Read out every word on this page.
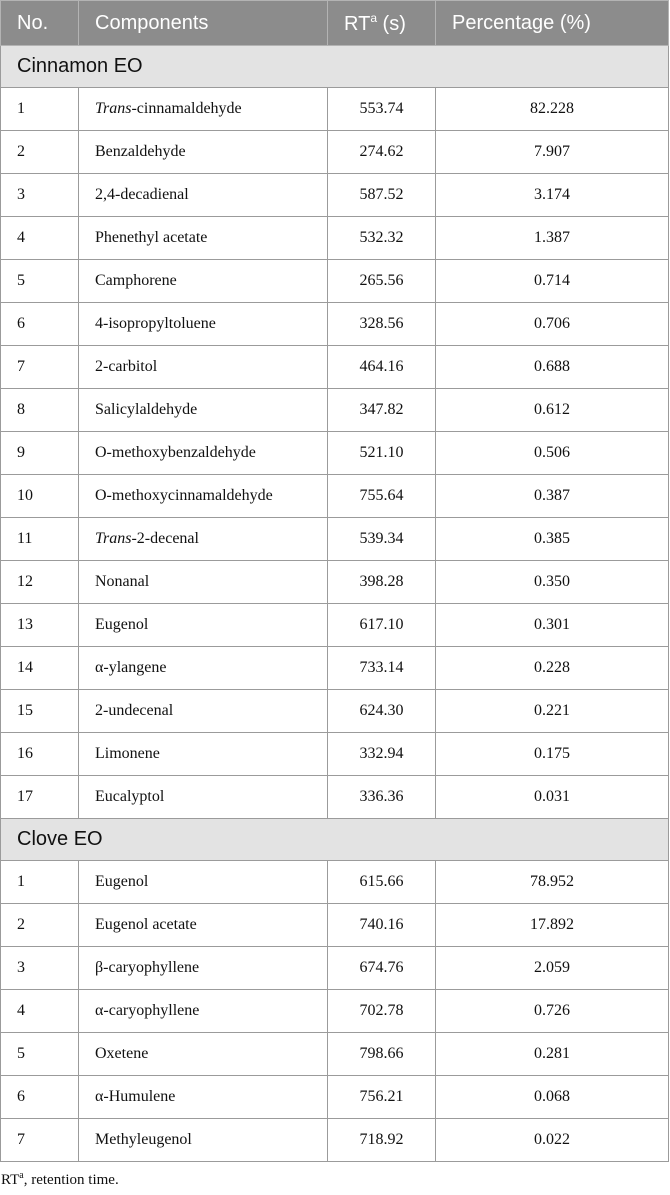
No.	Components	$RT^a$ (s)	Percentage (%)
Cinnamon EO			
1	Trans-cinnamaldehyde	553.74	82.228
2	Benzaldehyde	274.62	7.907
3	2,4-decadienal	587.52	3.174
4	Phenethyl acetate	532.32	1.387
5	Camphorene	265.56	0.714
6	4-isopropyltoluene	328.56	0.706
7	2-carbitol	464.16	0.688
8	Salicylaldehyde	347.82	0.612
9	O-methoxybenzaldehyde	521.10	0.506
10	O-methoxycinnamaldehyde	755.64	0.387
11	Trans-2-decenal	539.34	0.385
12	Nonanal	398.28	0.350
13	Eugenol	617.10	0.301
14	α-ylangene	733.14	0.228
15	2-undecenal	624.30	0.221
16	Limonene	332.94	0.175
17	Eucalyptol	336.36	0.031
Clove EO			
1	Eugenol	615.66	78.952
2	Eugenol acetate	740.16	17.892
3	β-caryophyllene	674.76	2.059
4	α-caryophyllene	702.78	0.726
5	Oxetene	798.66	0.281
6	α-Humulene	756.21	0.068
7	Methyleugenol	718.92	0.022
$RT^a$, retention time.
